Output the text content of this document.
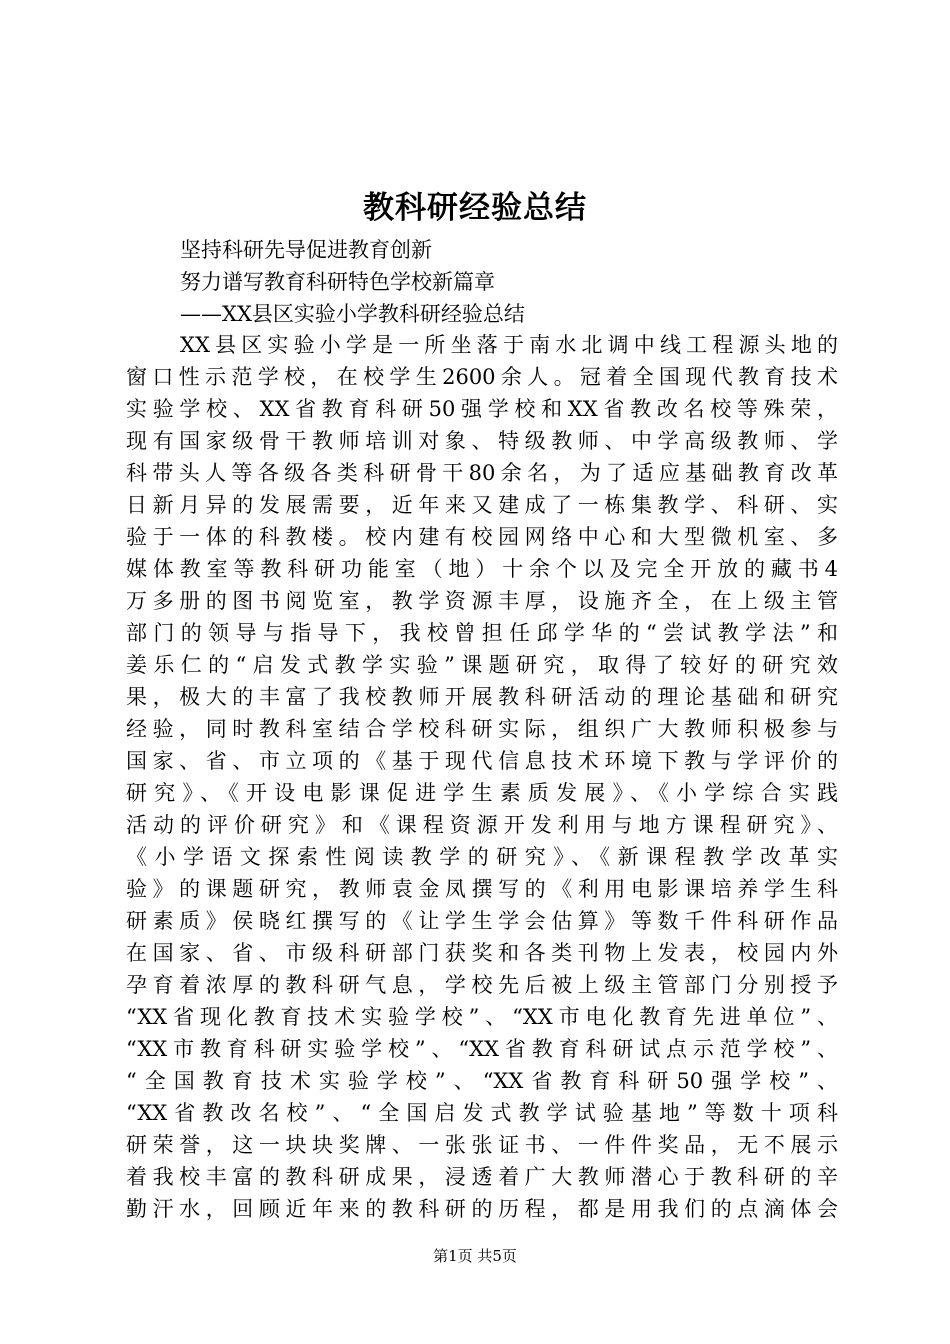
教科研经验总结
坚持科研先导促进教育创新
努力谱写教育科研特色学校新篇章
——XX县区实验小学教科研经验总结
XX县区实验小学是一所坐落于南水北调中线工程源头地的
窗口性示范学校，在校学生2600余人。冠着全国现代教育技术
实验学校、XX省教育科研50强学校和XX省教改名校等殊荣，
现有国家级骨干教师培训对象、特级教师、中学高级教师、学
科带头人等各级各类科研骨干80余名，为了适应基础教育改革
日新月异的发展需要，近年来又建成了一栋集教学、科研、实
验于一体的科教楼。校内建有校园网络中心和大型微机室、多
媒体教室等教科研功能室（地）十余个以及完全开放的藏书4
万多册的图书阅览室，教学资源丰厚，设施齐全，在上级主管
部门的领导与指导下，我校曾担任邱学华的“尝试教学法”和
姜乐仁的“启发式教学实验”课题研究，取得了较好的研究效
果，极大的丰富了我校教师开展教科研活动的理论基础和研究
经验，同时教科室结合学校科研实际，组织广大教师积极参与
国家、省、市立项的《基于现代信息技术环境下教与学评价的
研究》、《开设电影课促进学生素质发展》、《小学综合实践
活动的评价研究》和《课程资源开发利用与地方课程研究》、
《小学语文探索性阅读教学的研究》、《新课程教学改革实
验》的课题研究，教师袁金凤撰写的《利用电影课培养学生科
研素质》侯晓红撰写的《让学生学会估算》等数千件科研作品
在国家、省、市级科研部门获奖和各类刊物上发表，校园内外
孕育着浓厚的教科研气息，学校先后被上级主管部门分别授予
“XX省现化教育技术实验学校”、“XX市电化教育先进单位”、
“XX市教育科研实验学校”、“XX省教育科研试点示范学校”、
“全国教育技术实验学校”、“XX省教育科研50强学校”、
“XX省教改名校”、“全国启发式教学试验基地”等数十项科
研荣誉，这一块块奖牌、一张张证书、一件件奖品，无不展示
着我校丰富的教科研成果，浸透着广大教师潜心于教科研的辛
勤汗水，回顾近年来的教科研的历程，都是用我们的点滴体会
第1页 共5页
